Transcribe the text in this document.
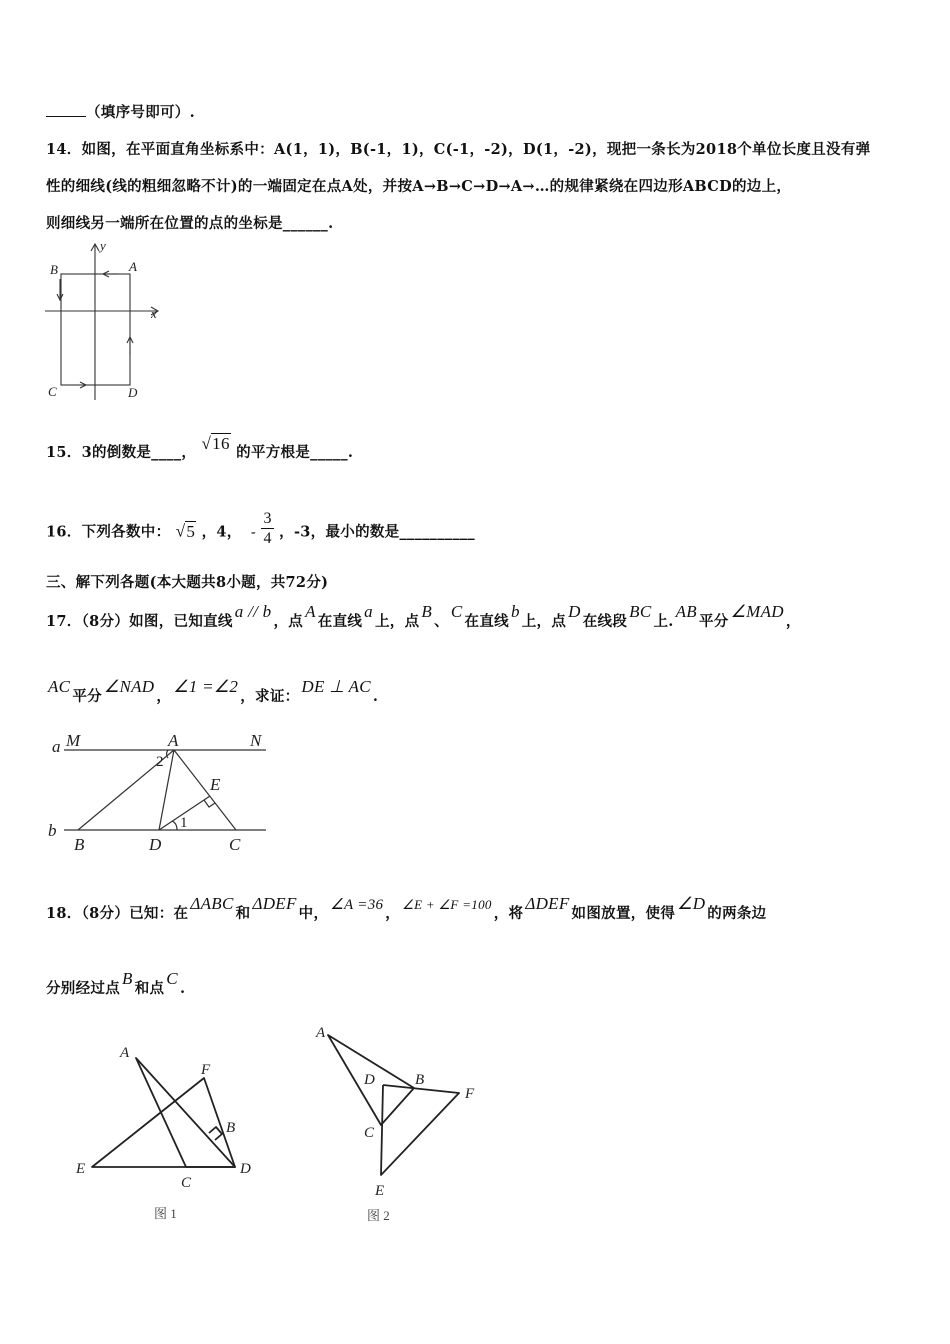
（填序号即可）.
14．如图，在平面直角坐标系中：A(1，1)，B(-1，1)，C(-1，-2)，D(1，-2)，现把一条长为2018个单位长度且没有弹
性的细线(线的粗细忽略不计)的一端固定在点A处，并按A→B→C→D→A→…的规律紧绕在四边形ABCD的边上，
则细线另一端所在位置的点的坐标是______.
B	A
y
x
C	D
15．3的倒数是____， √16 的平方根是_____.
16．下列各数中： √5 ，4， - $\frac{3}{4}$ ，-3，最小的数是__________
三、解下列各题(本大题共8小题，共72分)
17．（8分）如图，已知直线a // b，点A在直线a上，点B、C在直线b上，点D在线段BC上.AB平分∠MAD，
AC平分∠NAD，∠1 =∠2，求证：DE ⊥ AC.
a M	A	N
E
2
1
b
B	D	C
18．（8分）已知：在ΔABC和ΔDEF中， ∠A =36 ，∠E + ∠F =100，将ΔDEF如图放置，使得∠D的两条边
分别经过点B和点C.
A
F
B
E
C
D
图 1
A
D	B
F
C
E
图 2
